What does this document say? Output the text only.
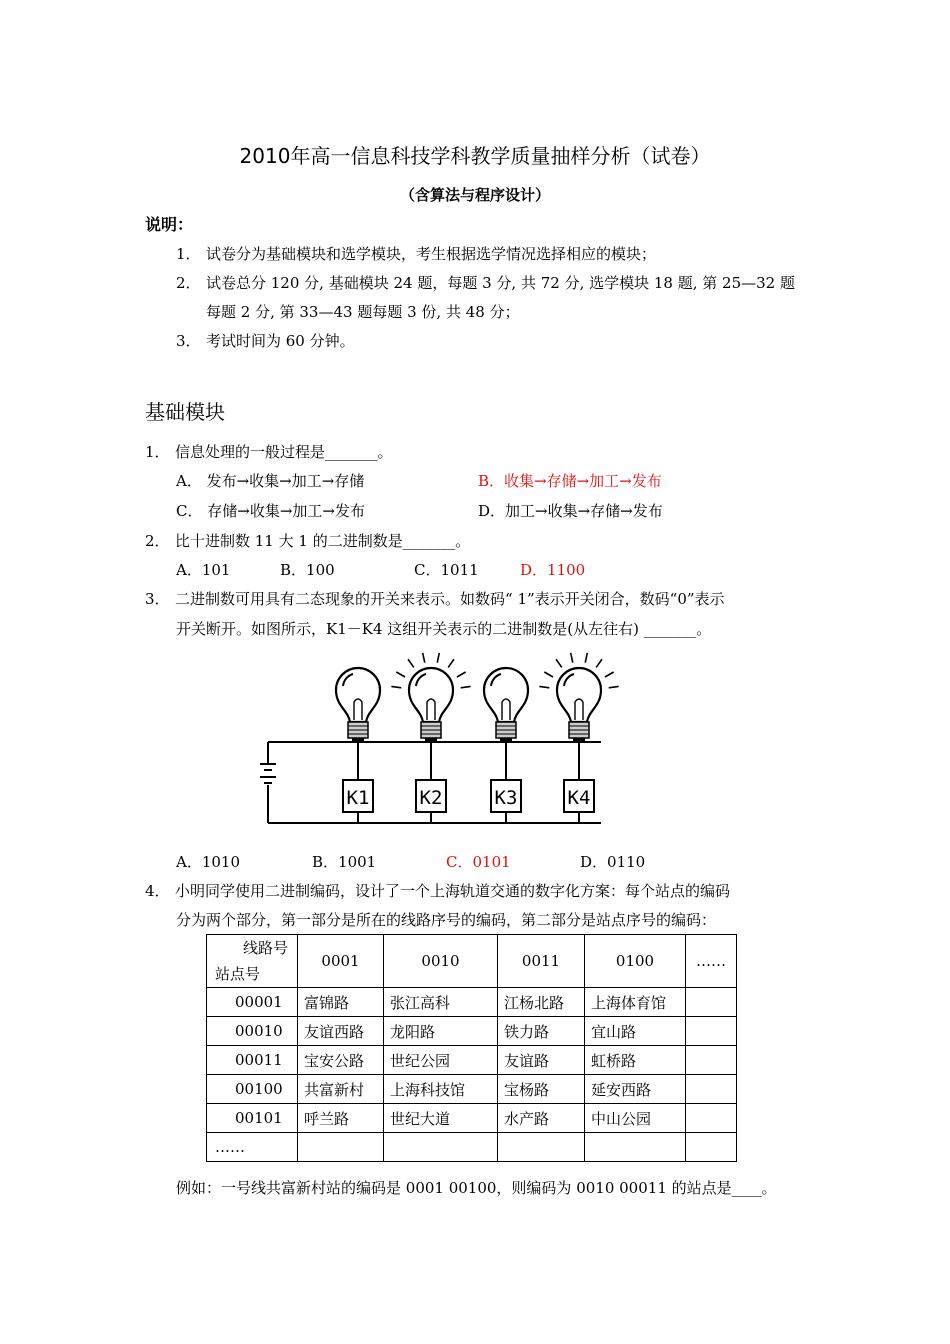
2010年高一信息科技学科教学质量抽样分析（试卷）
（含算法与程序设计）
说明：
1． 试卷分为基础模块和选学模块，考生根据选学情况选择相应的模块；
2． 试卷总分 120 分, 基础模块 24 题，每题 3 分, 共 72 分, 选学模块 18 题, 第 25—32 题
每题 2 分, 第 33—43 题每题 3 份, 共 48 分；
3． 考试时间为 60 分钟。
基础模块
1． 信息处理的一般过程是_______。
A． 发布→收集→加工→存储	B．收集→存储→加工→发布
C． 存储→收集→加工→发布	D．加工→收集→存储→发布
2． 比十进制数 11 大 1 的二进制数是_______。
A．101	B．100	C．1011	D．1100
3． 二进制数可用具有二态现象的开关来表示。如数码“ 1”表示开关闭合，数码“0”表示
开关断开。如图所示，K1－K4 这组开关表示的二进制数是(从左往右) _______。
K1	K2	K3	K4
A．1010	B．1001	C．0101	D．0110
4． 小明同学使用二进制编码，设计了一个上海轨道交通的数字化方案：每个站点的编码
分为两个部分，第一部分是所在的线路序号的编码，第二部分是站点序号的编码：
线路号
站点号	0001	0010	0011	0100	……
00001	富锦路	张江高科	江杨北路	上海体育馆	
00010	友谊西路	龙阳路	铁力路	宜山路	
00011	宝安公路	世纪公园	友谊路	虹桥路	
00100	共富新村	上海科技馆	宝杨路	延安西路	
00101	呼兰路	世纪大道	水产路	中山公园	
……					
例如：一号线共富新村站的编码是 0001 00100，则编码为 0010 00011 的站点是____。
